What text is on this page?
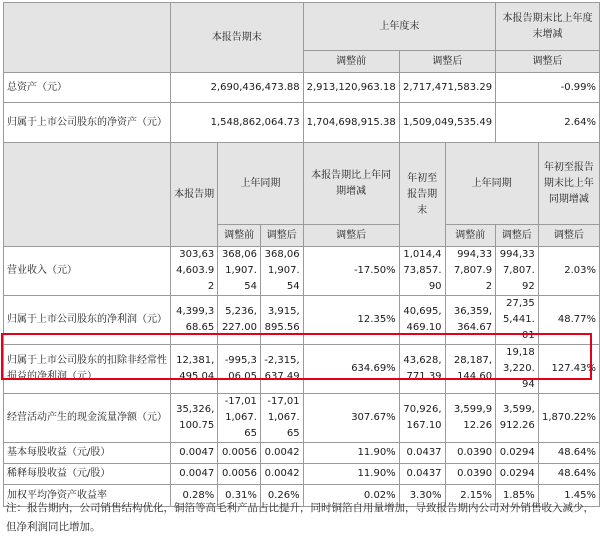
	本报告期末			上年度末			本报告期末比上年度末增减	
				调整前	调整后		调整后	
总资产（元）	2,690,436,473.88			2,913,120,963.18	2,717,471,583.29		-0.99%	
归属于上市公司股东的净资产（元）	1,548,862,064.73			1,704,698,915.38	1,509,049,535.49		2.64%	
	本报告期	上年同期		本报告期比上年同期增减	年初至报告期末	上年同期		年初至报告期末比上年同期增减
		调整前	调整后	调整后		调整前	调整后	调整后
营业收入（元）	303,634,603.92	368,061,907.54	368,061,907.54	-17.50%	1,014,473,857.90	994,337,807.92	994,337,807.92	2.03%
归属于上市公司股东的净利润（元）	4,399,368.65	5,236,227.00	3,915,895.56	12.35%	40,695,469.10	36,359,364.67	27,355,441.01	48.77%
归属于上市公司股东的扣除非经常性损益的净利润（元）	12,381,495.04	-995,306.05	-2,315,637.49	634.69%	43,628,771.39	28,187,144.60	19,183,220.94	127.43%
经营活动产生的现金流量净额（元）	35,326,100.75	-17,011,067.65	-17,011,067.65	307.67%	70,926,167.10	3,599,912.26	3,599,912.26	1,870.22%
基本每股收益（元/股）	0.0047	0.0056	0.0042	11.90%	0.0437	0.0390	0.0294	48.64%
稀释每股收益（元/股）	0.0047	0.0056	0.0042	11.90%	0.0437	0.0390	0.0294	48.64%
加权平均净资产收益率	0.28%	0.31%	0.26%	0.02%	3.30%	2.15%	1.85%	1.45%
注：报告期内，公司销售结构优化，铜箔等高毛利产品占比提升，同时铜箔自用量增加，导致报告期内公司对外销售收入减少，但净利润同比增加。
